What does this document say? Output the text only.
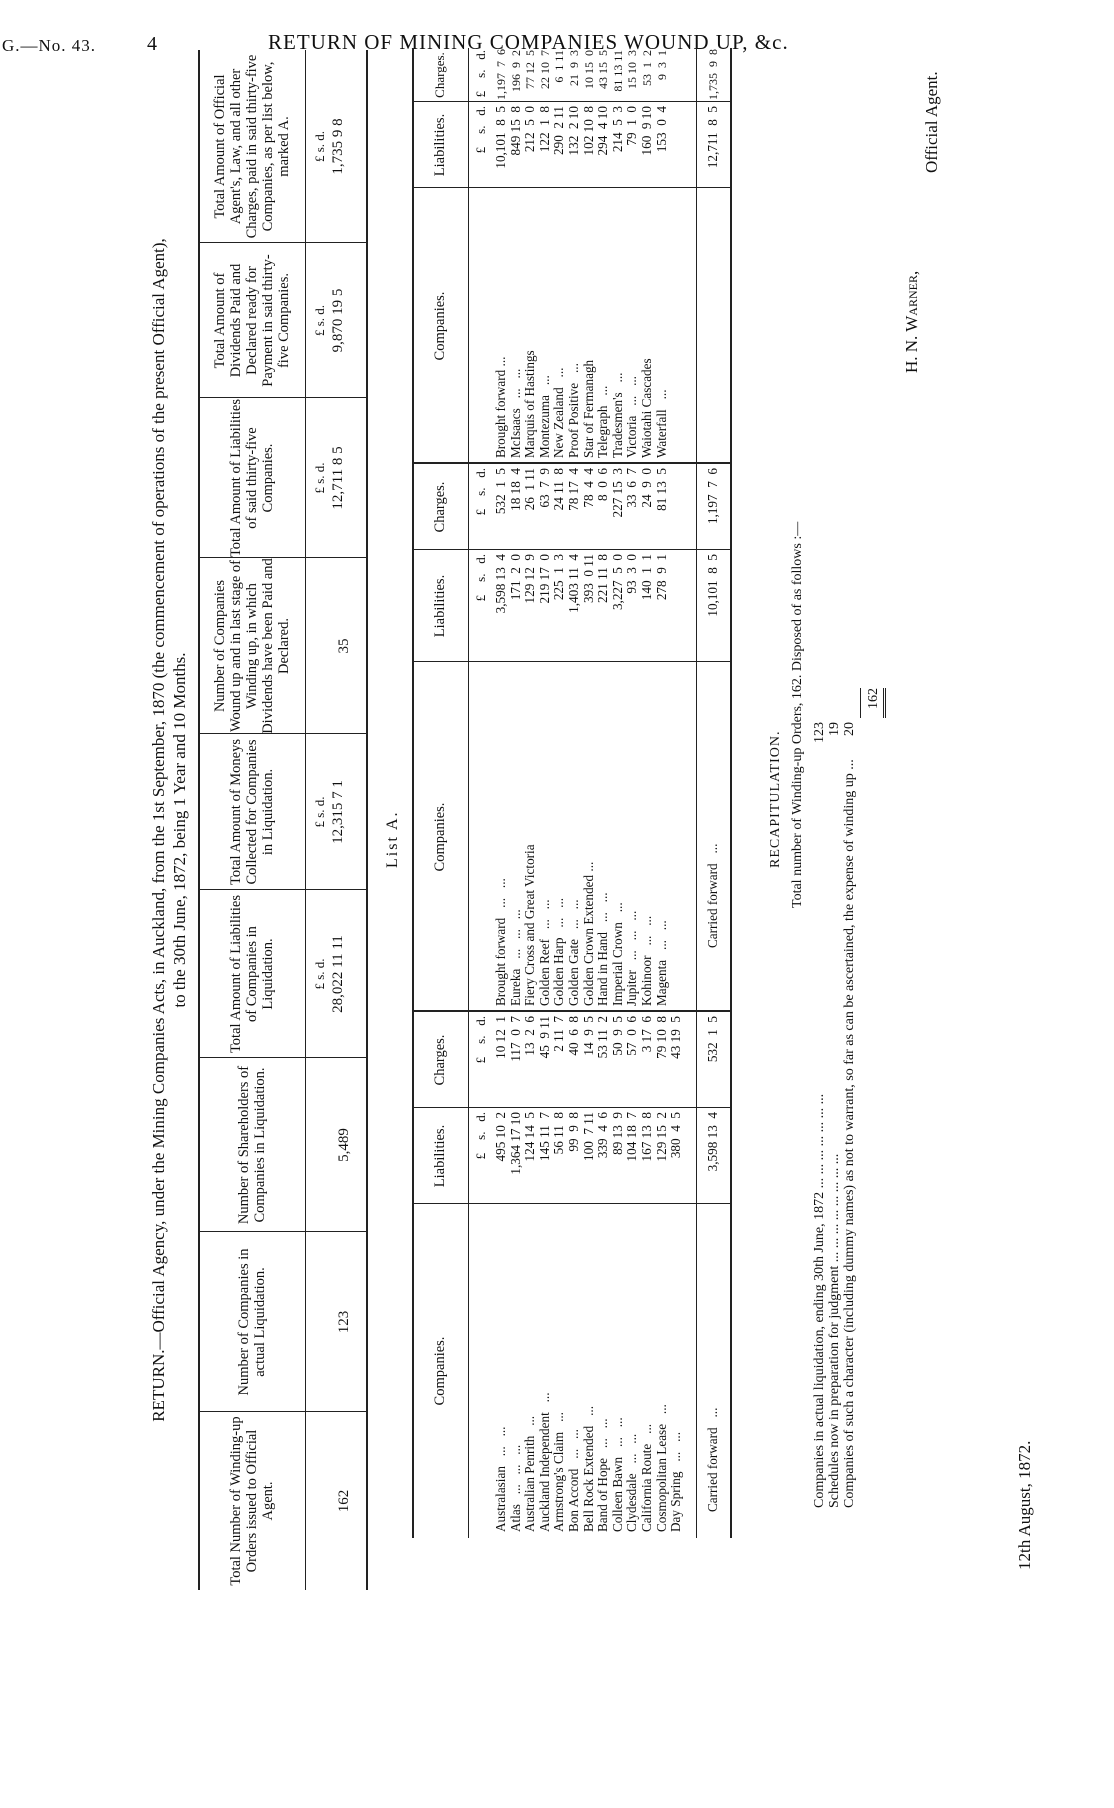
G.—No. 43.	4	RETURN OF MINING COMPANIES WOUND UP, &c.
RETURN.—Official Agency, under the Mining Companies Acts, in Auckland, from the 1st September, 1870 (the commencement of operations of the present Official Agent), to the 30th June, 1872, being 1 Year and 10 Months.
Total Number of Winding-up Orders issued to Official Agent.
Number of Companies in actual Liquidation.
Number of Shareholders of Companies in Liquidation.
Total Amount of Liabilities of Companies in Liquidation.
Total Amount of Moneys Collected for Companies in Liquidation.
Number of Companies Wound up and in last stage of Winding up, in which Dividends have been Paid and Declared.
Total Amount of Liabilities of said thirty-five Companies.
Total Amount of Dividends Paid and Declared ready for Payment in said thirty-five Companies.
Total Amount of Official Agent's, Law, and all other Charges, paid in said thirty-five Companies, as per list below, marked A.
£ s. d.
£ s. d.
£ s. d.
£ s. d.
£ s. d.
162
123
5,489
28,022 11 11
12,315 7 1
35
12,711 8 5
9,870 19 5
1,735 9 8
List A.
Companies.
Liabilities.
Charges.
Companies.
Liabilities.
Charges.
Companies.
Liabilities.
Charges.
£    s.   d.
£    s.   d.
£    s.   d.
£    s.   d.
£    s.   d.
£    s.   d.
Australasian   ...   ...
Atlas   ...   ...   ...
Australian Penrith   ...
Auckland Independent   ...
Armstrong's Claim   ...
Bon Accord   ...   ...
Bell Rock Extended   ...
Band of Hope   ...   ...
Colleen Bawn   ...   ...
Clydesdale   ...   ...
California Route   ...
Cosmopolitan Lease   ...
Day Spring   ...   ...
495 10  2
1,364 17 10
124 14  5
145 11  7
56 11  8
99  9  8
100  7 11
339  4  6
89 13  9
104 18  7
167 13  8
129 15  2
380  4  5
10 12  1
117  0  7
13  2  6
45  9 11
2 11  7
40  6  8
14  9  5
53 11  2
50  9  5
57  0  6
3 17  6
79 10  8
43 19  5
Brought forward   ...   ...
Eureka   ...   ...   ...
Fiery Cross and Great Victoria
Golden Reef   ...   ...
Golden Harp   ...   ...
Golden Gate   ...   ...
Golden Crown Extended ...
Hand in Hand   ...   ...
Imperial Crown   ...
Jupiter   ...   ...   ...
Kohinoor   ...   ...
Magenta   ...   ...
3,598 13  4
171  2  0
129 12  9
219 17  0
225  1  3
1,403 11  4
393  0 11
221 11  8
3,227  5  0
93  3  0
140  1  1
278  9  1
532  1  5
18 18  4
26  1 11
63  7  9
24 11  8
78 17  4
78  4  4
8  0  6
227 15  3
33  6  7
24  9  0
81 13  5
Brought forward ...
McIsaacs   ...   ...
Marquis of Hastings
Montezuma   ...
New Zealand   ...
Proof Positive   ...
Star of Fermanagh
Telegraph   ...
Tradesmen's   ...
Victoria   ...   ...
Waiotahi Cascades
Waterfall   ...
10,101  8  5
849 15  8
212  5  0
122  1  8
290  2 11
132  2 10
102 10  8
294  4 10
214  5  3
79  1  0
160  9 10
153  0  4
1,197  7  6
196  9  2
77 12  5
22 10  7
6  1 11
21  9  3
10 15  0
43 15  5
81 13 11
15 10  3
53  1  2
9  3  1
Carried forward   ...
3,598 13  4
532  1  5
Carried forward   ...
10,101  8  5
1,197  7  6
12,711  8  5
1,735  9  8
RECAPITULATION. Total number of Winding-up Orders, 162. Disposed of as follows :—
Companies in actual liquidation, ending 30th June, 1872 ... ... ... ... ... ... ... Schedules now in preparation for judgment ... ... ... ... ... ... ... ... Companies of such a character (including dummy names) as not to warrant, so far as can be ascertained, the expense of winding up ...
123 19 20
162
12th August, 1872.
H. N. Warner,
Official Agent.
